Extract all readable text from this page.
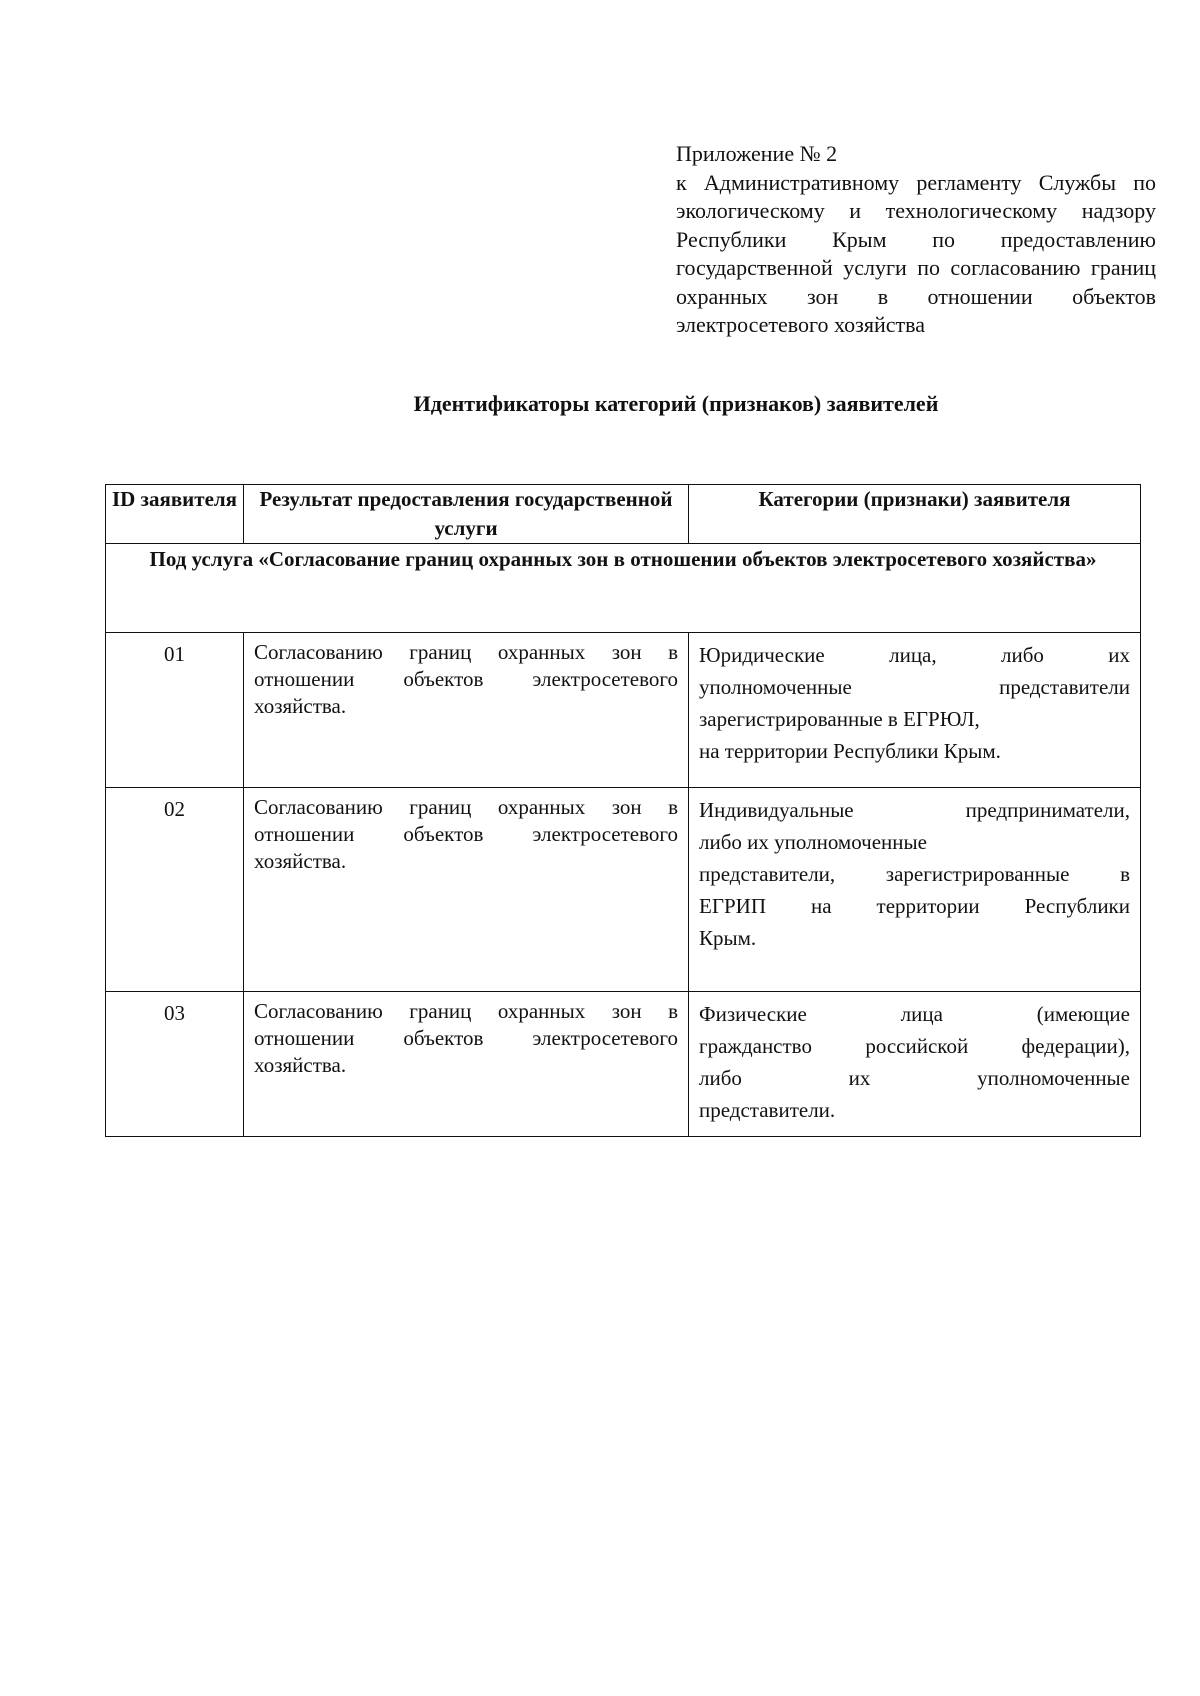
Приложение № 2
к Административному регламенту Службы по экологическому и технологическому надзору Республики Крым по предоставлению государственной услуги по согласованию границ охранных зон в отношении объектов электросетевого хозяйства
Идентификаторы категорий (признаков) заявителей
ID заявителя	Результат предоставления государственной услуги	Категории (признаки) заявителя
Под услуга «Согласование границ охранных зон в отношении объектов электросетевого хозяйства»		
01	Согласованию границ охранных зон в отношении объектов электросетевого хозяйства.	Юридические лица, либо их
уполномоченные представители
зарегистрированные в ЕГРЮЛ,
на территории Республики Крым.

02	Согласованию границ охранных зон в отношении объектов электросетевого хозяйства.	Индивидуальные предприниматели,
либо их уполномоченные
представители, зарегистрированные в
ЕГРИП на территории Республики
Крым.

03	Согласованию границ охранных зон в отношении объектов электросетевого хозяйства.	Физические лица (имеющие
гражданство российской федерации),
либо их уполномоченные
представители.
